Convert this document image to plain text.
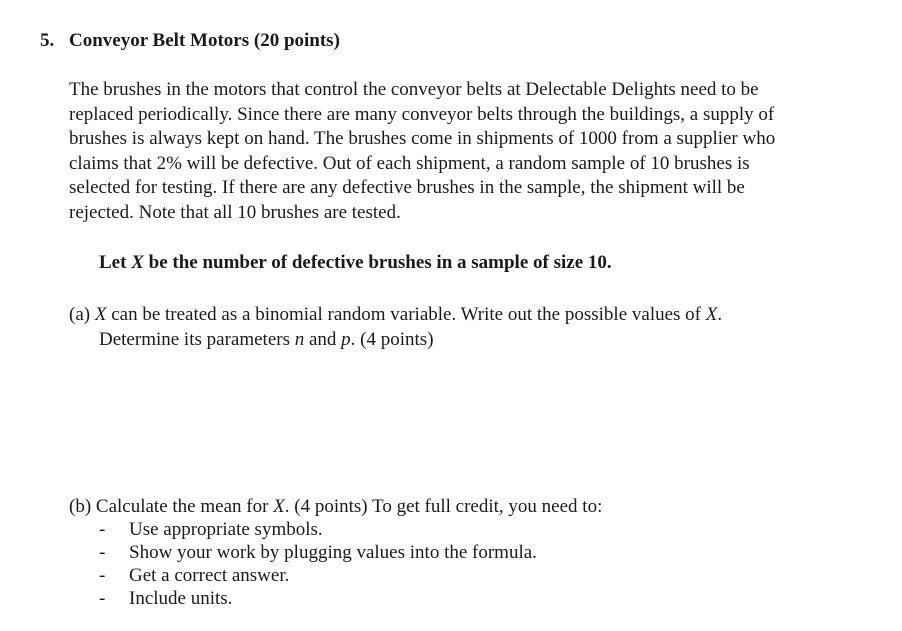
5. Conveyor Belt Motors (20 points)

The brushes in the motors that control the conveyor belts at Delectable Delights need to be
replaced periodically. Since there are many conveyor belts through the buildings, a supply of
brushes is always kept on hand. The brushes come in shipments of 1000 from a supplier who
claims that 2% will be defective. Out of each shipment, a random sample of 10 brushes is
selected for testing. If there are any defective brushes in the sample, the shipment will be
rejected. Note that all 10 brushes are tested.

Let X be the number of defective brushes in a sample of size 10.
(a) X can be treated as a binomial random variable. Write out the possible values of X.
Determine its parameters n and p. (4 points)
(b) Calculate the mean for X. (4 points) To get full credit, you need to:
- Use appropriate symbols.
- Show your work by plugging values into the formula.
- Get a correct answer.
- Include units.
